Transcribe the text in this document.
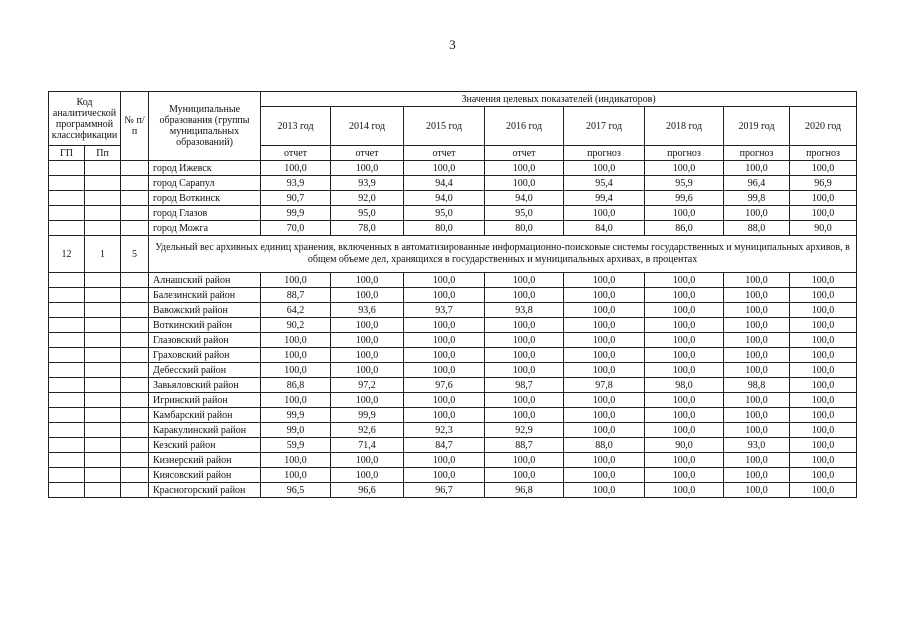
3
Код аналитической программной классификации		№ п/п	Муниципальные образования (группы муниципальных образований)	Значения целевых показателей (индикаторов)							
				2013 год	2014 год	2015 год	2016 год	2017 год	2018 год	2019 год	2020 год
ГП	Пп			отчет	отчет	отчет	отчет	прогноз	прогноз	прогноз	прогноз
			город Ижевск	100,0	100,0	100,0	100,0	100,0	100,0	100,0	100,0
			город Сарапул	93,9	93,9	94,4	100,0	95,4	95,9	96,4	96,9
			город Воткинск	90,7	92,0	94,0	94,0	99,4	99,6	99,8	100,0
			город Глазов	99,9	95,0	95,0	95,0	100,0	100,0	100,0	100,0
			город Можга	70,0	78,0	80,0	80,0	84,0	86,0	88,0	90,0
12	1	5	Удельный вес архивных единиц хранения, включенных в автоматизированные информационно-поисковые системы государственных и муниципальных архивов, в общем объеме дел, хранящихся в государственных и муниципальных архивах, в процентах								
			Алнашский район	100,0	100,0	100,0	100,0	100,0	100,0	100,0	100,0
			Балезинский район	88,7	100,0	100,0	100,0	100,0	100,0	100,0	100,0
			Вавожский район	64,2	93,6	93,7	93,8	100,0	100,0	100,0	100,0
			Воткинский район	90,2	100,0	100,0	100,0	100,0	100,0	100,0	100,0
			Глазовский район	100,0	100,0	100,0	100,0	100,0	100,0	100,0	100,0
			Граховский район	100,0	100,0	100,0	100,0	100,0	100,0	100,0	100,0
			Дебесский район	100,0	100,0	100,0	100,0	100,0	100,0	100,0	100,0
			Завьяловский район	86,8	97,2	97,6	98,7	97,8	98,0	98,8	100,0
			Игринский район	100,0	100,0	100,0	100,0	100,0	100,0	100,0	100,0
			Камбарский район	99,9	99,9	100,0	100,0	100,0	100,0	100,0	100,0
			Каракулинский район	99,0	92,6	92,3	92,9	100,0	100,0	100,0	100,0
			Кезский район	59,9	71,4	84,7	88,7	88,0	90,0	93,0	100,0
			Кизнерский район	100,0	100,0	100,0	100,0	100,0	100,0	100,0	100,0
			Киясовский район	100,0	100,0	100,0	100,0	100,0	100,0	100,0	100,0
			Красногорский район	96,5	96,6	96,7	96,8	100,0	100,0	100,0	100,0
